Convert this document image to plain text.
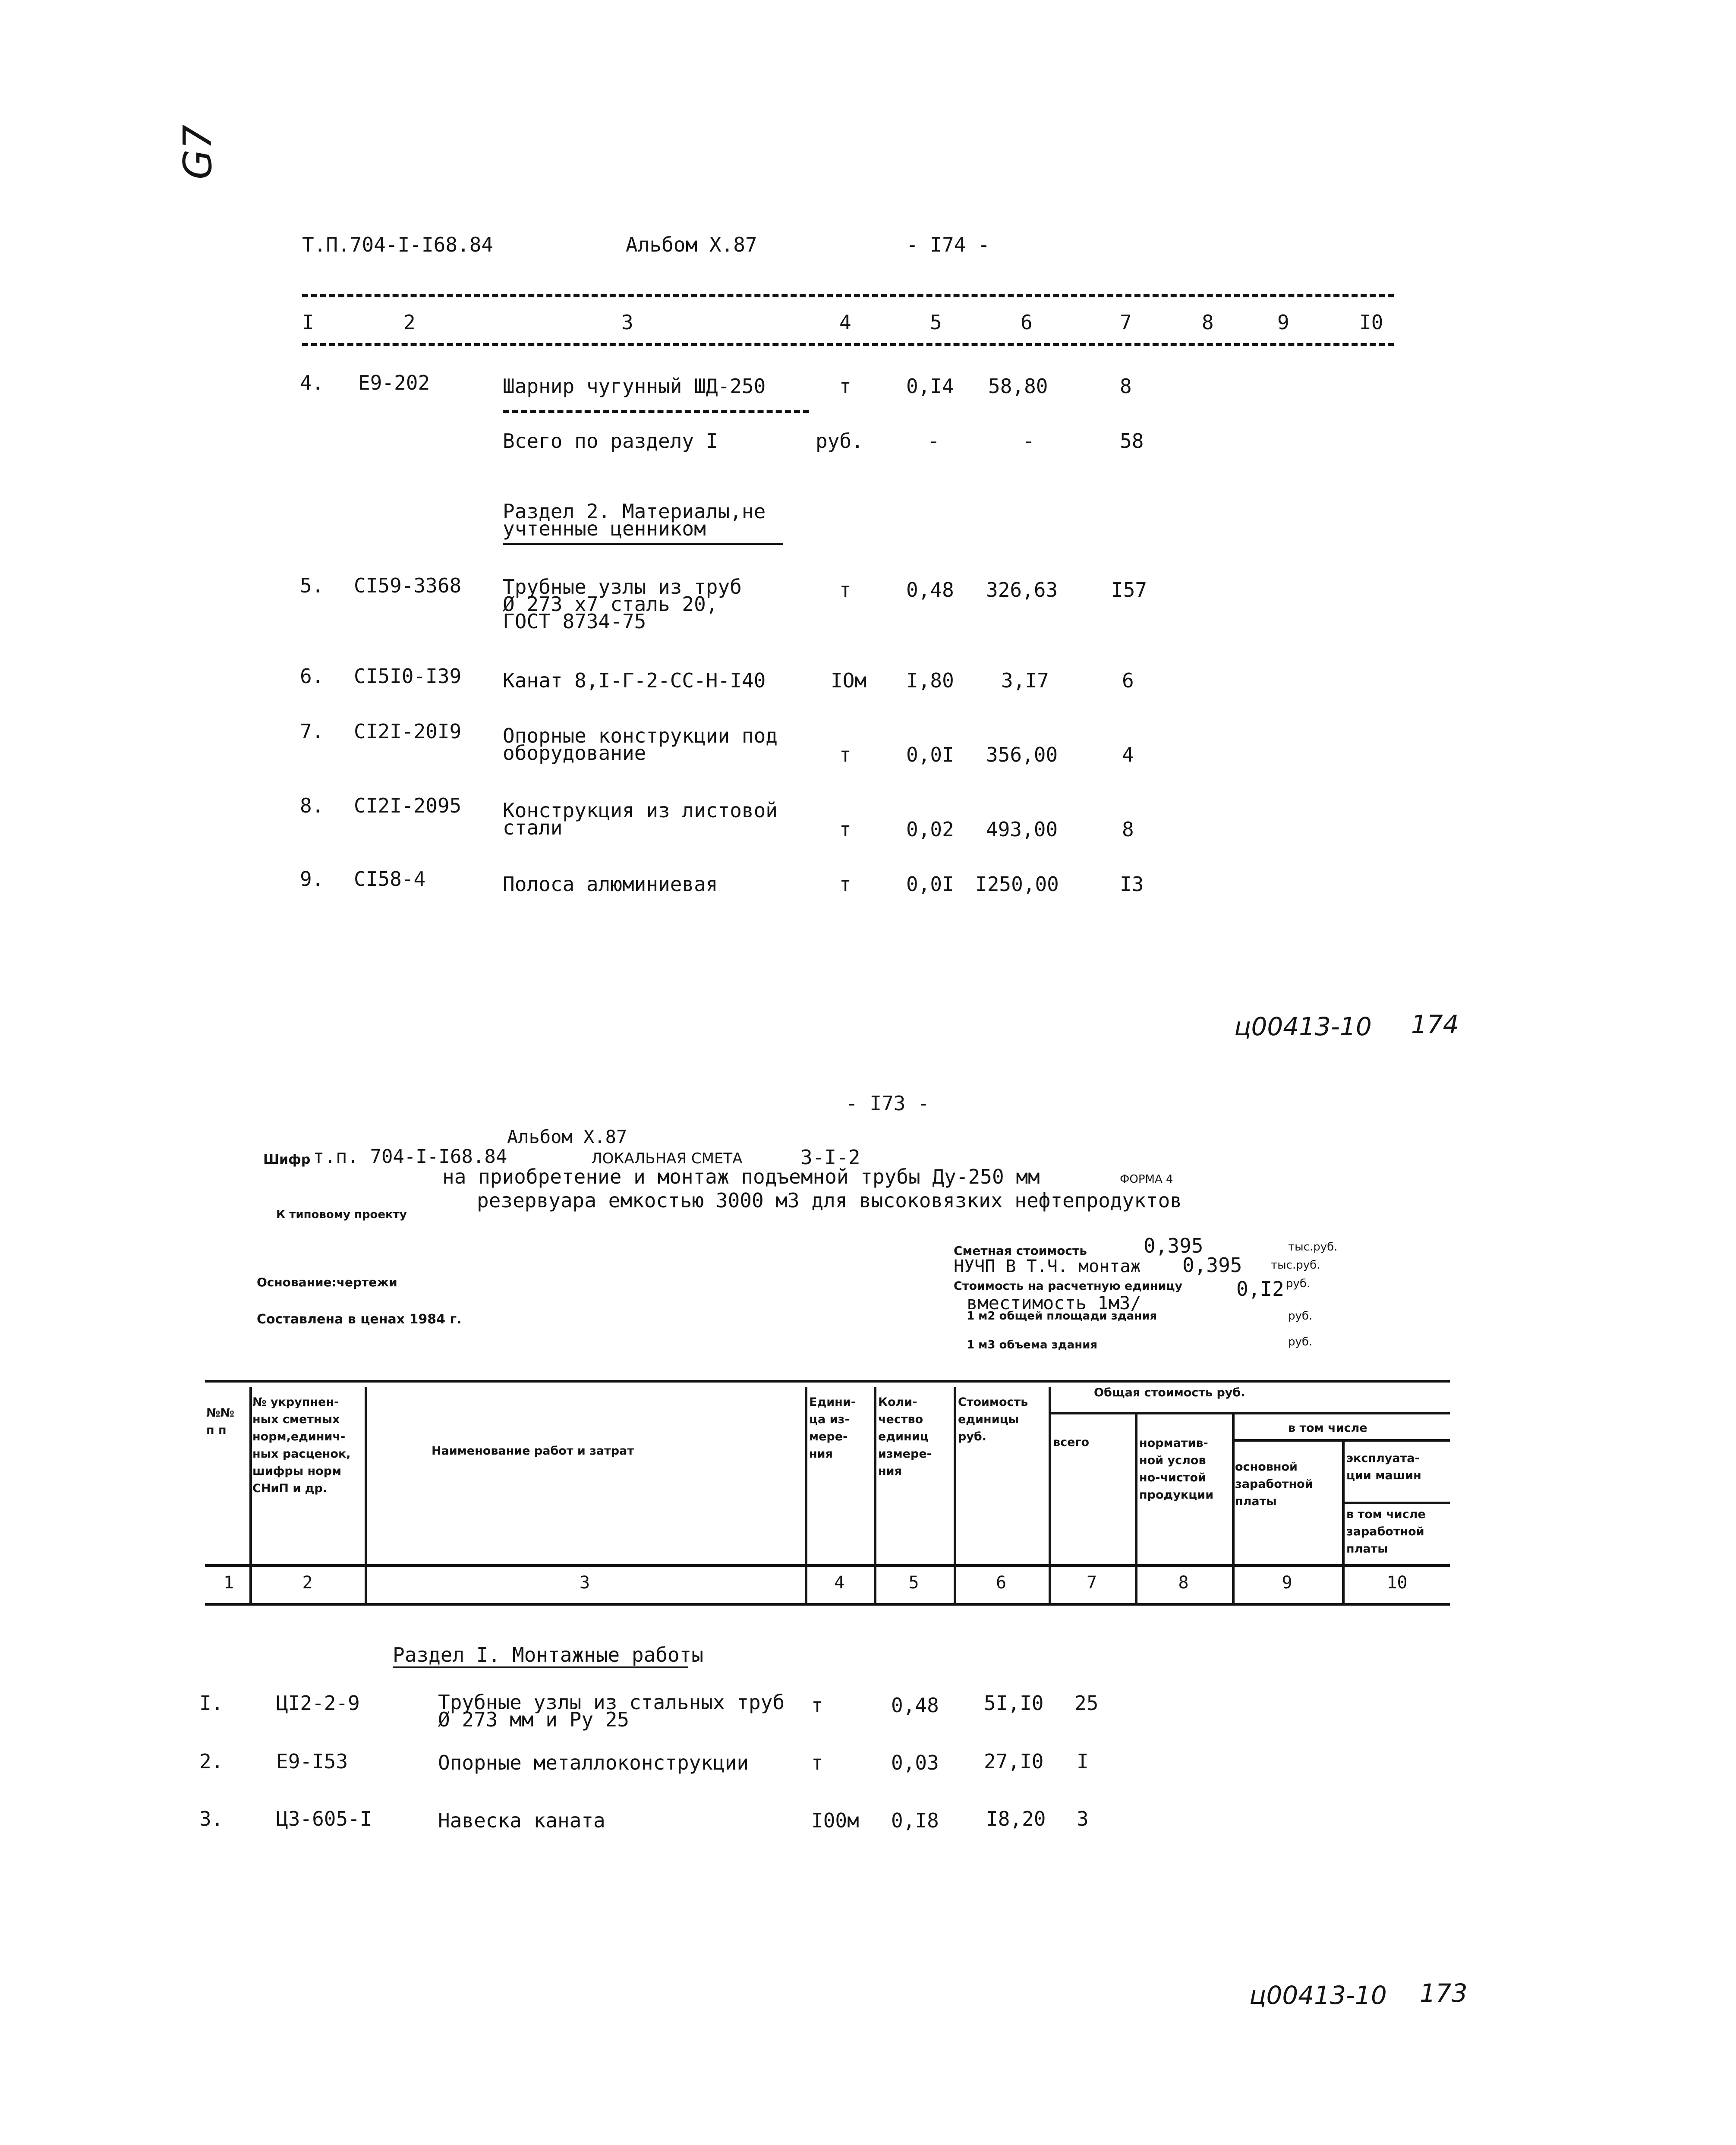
G7
Т.П.704-I-I68.84	Альбом X.87	- I74 -
I	2	3	4	5	6	7	8	9	I0
4. Е9-202	Шарнир чугунный ШД-250	т	0,I4 58,80	8
Всего по разделу I	руб.	-	-	58
Раздел 2. Материалы,не
учтенные ценником
5. СI59-3368 Трубные узлы из труб
Ø 273 х7 сталь 20,
ГОСТ 8734-75
т	0,48 326,63	I57
6. СI5I0-I39 Канат 8,I-Г-2-СС-Н-I40	IОм I,80 3,I7	6
7. СI2I-20I9 Опорные конструкции под
оборудование	т	0,0I 356,00	4
8. СI2I-2095 Конструкция из листовой
стали	т	0,02 493,00	8
9. СI58-4	Полоса алюминиевая	т	0,0I I250,00	I3
ц00413-10 174
- I73 -
Альбом X.87
Шифр т.п. 704-I-I68.84	ЛОКАЛЬНАЯ СМЕТА	3-I-2
на приобретение и монтаж подъемной трубы Ду-250 мм	ФОРМА 4
К типовому проекту
резервуара емкостью 3000 м3 для высоковязких нефтепродуктов
Сметная стоимость	0,395	тыс.руб.
НУЧП В Т.Ч. монтаж 0,395	тыс.руб.
Стоимость на расчетную единицу	0,I2 руб.
вместимость 1м3/
Основание:чертежи
Составлена в ценах 1984 г.	1 м2 общей площади здания	руб.
1 м3 объема здания	руб.
№№
п п
№ укрупнен-
ных сметных
норм,единич-
ных расценок,
шифры норм
СНиП и др.
Наименование работ и затрат
Едини-
ца из-
мере-
ния
Коли-
чество
единиц
измере-
ния
Стоимость
единицы
руб.
Общая стоимость руб.
всего	норматив-
ной услов
но-чистой
продукции
в том числе
основной
заработной
платы
эксплуата-
ции машин
в том числе
заработной
платы
1	2	3	4	5	6	7	8	9	10
Раздел I. Монтажные работы
I.	ЦI2-2-9	Трубные узлы из стальных труб
Ø 273 мм и Ру 25
т	0,48 5I,I0 25
2.	Е9-I53	Опорные металлоконструкции	т	0,03 27,I0 I
3.	Ц3-605-I	Навеска каната	I00м 0,I8 I8,20 3
ц00413-10 173
